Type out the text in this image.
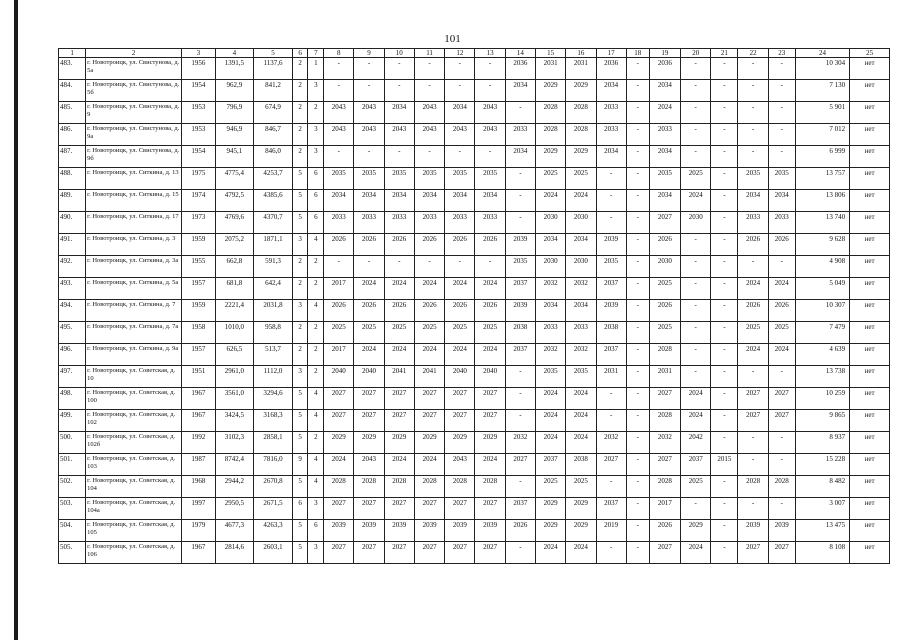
101
1	2	3	4	5	6	7	8	9	10	11	12	13	14	15	16	17	18	19	20	21	22	23	24	25
483.	г. Новотроицк, ул. Свистунова, д. 5а	1956	1391,5	1137,6	2	1	-	-	-	-	-	-	2036	2031	2031	2036	-	2036	-	-	-	-	10 304	нет
484.	г. Новотроицк, ул. Свистунова, д. 5б	1954	962,9	841,2	2	3	-	-	-	-	-	-	2034	2029	2029	2034	-	2034	-	-	-	-	7 130	нет
485.	г. Новотроицк, ул. Свистунова, д. 9	1953	796,9	674,9	2	2	2043	2043	2034	2043	2034	2043	-	2028	2028	2033	-	2024	-	-	-	-	5 901	нет
486.	г. Новотроицк, ул. Свистунова, д. 9а	1953	946,9	846,7	2	3	2043	2043	2043	2043	2043	2043	2033	2028	2028	2033	-	2033	-	-	-	-	7 012	нет
487.	г. Новотроицк, ул. Свистунова, д. 9б	1954	945,1	846,0	2	3	-	-	-	-	-	-	2034	2029	2029	2034	-	2034	-	-	-	-	6 999	нет
488.	г. Новотроицк, ул. Ситкина, д. 13	1975	4775,4	4253,7	5	6	2035	2035	2035	2035	2035	2035	-	2025	2025	-	-	2035	2025	-	2035	2035	13 757	нет
489.	г. Новотроицк, ул. Ситкина, д. 15	1974	4792,5	4385,6	5	6	2034	2034	2034	2034	2034	2034	-	2024	2024	-	-	2034	2024	-	2034	2034	13 806	нет
490.	г. Новотроицк, ул. Ситкина, д. 17	1973	4769,6	4370,7	5	6	2033	2033	2033	2033	2033	2033	-	2030	2030	-	-	2027	2030	-	2033	2033	13 740	нет
491.	г. Новотроицк, ул. Ситкина, д. 3	1959	2075,2	1871,1	3	4	2026	2026	2026	2026	2026	2026	2039	2034	2034	2039	-	2026	-	-	2026	2026	9 628	нет
492.	г. Новотроицк, ул. Ситкина, д. 3а	1955	662,8	591,3	2	2	-	-	-	-	-	-	2035	2030	2030	2035	-	2030	-	-	-	-	4 908	нет
493.	г. Новотроицк, ул. Ситкина, д. 5а	1957	681,8	642,4	2	2	2017	2024	2024	2024	2024	2024	2037	2032	2032	2037	-	2025	-	-	2024	2024	5 049	нет
494.	г. Новотроицк, ул. Ситкина, д. 7	1959	2221,4	2031,8	3	4	2026	2026	2026	2026	2026	2026	2039	2034	2034	2039	-	2026	-	-	2026	2026	10 307	нет
495.	г. Новотроицк, ул. Ситкина, д. 7а	1958	1010,0	958,8	2	2	2025	2025	2025	2025	2025	2025	2038	2033	2033	2038	-	2025	-	-	2025	2025	7 479	нет
496.	г. Новотроицк, ул. Ситкина, д. 9а	1957	626,5	513,7	2	2	2017	2024	2024	2024	2024	2024	2037	2032	2032	2037	-	2028	-	-	2024	2024	4 639	нет
497.	г. Новотроицк, ул. Советская, д. 10	1951	2961,0	1112,0	3	2	2040	2040	2041	2041	2040	2040	-	2035	2035	2031	-	2031	-	-	-	-	13 738	нет
498.	г. Новотроицк, ул. Советская, д. 100	1967	3561,0	3294,6	5	4	2027	2027	2027	2027	2027	2027	-	2024	2024	-	-	2027	2024	-	2027	2027	10 259	нет
499.	г. Новотроицк, ул. Советская, д. 102	1967	3424,5	3168,3	5	4	2027	2027	2027	2027	2027	2027	-	2024	2024	-	-	2028	2024	-	2027	2027	9 865	нет
500.	г. Новотроицк, ул. Советская, д. 102б	1992	3102,3	2858,1	5	2	2029	2029	2029	2029	2029	2029	2032	2024	2024	2032	-	2032	2042	-	-	-	8 937	нет
501.	г. Новотроицк, ул. Советская, д. 103	1987	8742,4	7816,0	9	4	2024	2043	2024	2024	2043	2024	2027	2037	2038	2027	-	2027	2037	2015	-	-	15 228	нет
502.	г. Новотроицк, ул. Советская, д. 104	1968	2944,2	2670,8	5	4	2028	2028	2028	2028	2028	2028	-	2025	2025	-	-	2028	2025	-	2028	2028	8 482	нет
503.	г. Новотроицк, ул. Советская, д. 104а	1997	2950,5	2671,5	6	3	2027	2027	2027	2027	2027	2027	2037	2029	2029	2037	-	2017	-	-	-	-	3 007	нет
504.	г. Новотроицк, ул. Советская, д. 105	1979	4677,3	4263,3	5	6	2039	2039	2039	2039	2039	2039	2026	2029	2029	2019	-	2026	2029	-	2039	2039	13 475	нет
505.	г. Новотроицк, ул. Советская, д. 106	1967	2814,6	2603,1	5	3	2027	2027	2027	2027	2027	2027	-	2024	2024	-	-	2027	2024	-	2027	2027	8 108	нет
